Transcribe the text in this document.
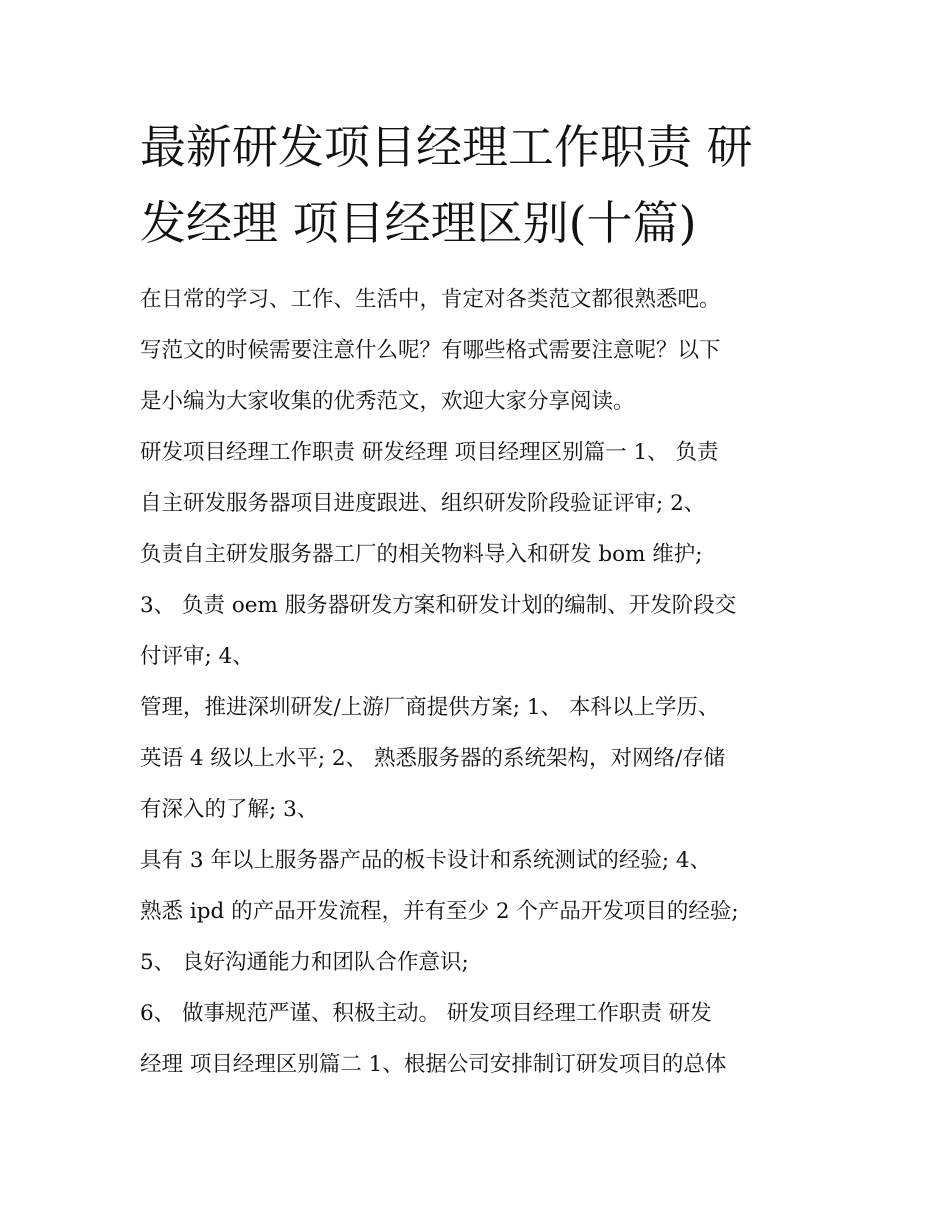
最新研发项目经理工作职责 研
发经理 项目经理区别(十篇)

在日常的学习、工作、生活中，肯定对各类范文都很熟悉吧。

写范文的时候需要注意什么呢？有哪些格式需要注意呢？以下

是小编为大家收集的优秀范文，欢迎大家分享阅读。

研发项目经理工作职责 研发经理 项目经理区别篇一 1、 负责

自主研发服务器项目进度跟进、组织研发阶段验证评审; 2、

负责自主研发服务器工厂的相关物料导入和研发 bom 维护;

3、 负责 oem 服务器研发方案和研发计划的编制、开发阶段交

付评审; 4、

管理，推进深圳研发/上游厂商提供方案; 1、 本科以上学历、

英语 4 级以上水平; 2、 熟悉服务器的系统架构，对网络/存储

有深入的了解; 3、

具有 3 年以上服务器产品的板卡设计和系统测试的经验; 4、

熟悉 ipd 的产品开发流程，并有至少 2 个产品开发项目的经验;

5、 良好沟通能力和团队合作意识;

6、 做事规范严谨、积极主动。 研发项目经理工作职责 研发

经理 项目经理区别篇二 1、根据公司安排制订研发项目的总体
